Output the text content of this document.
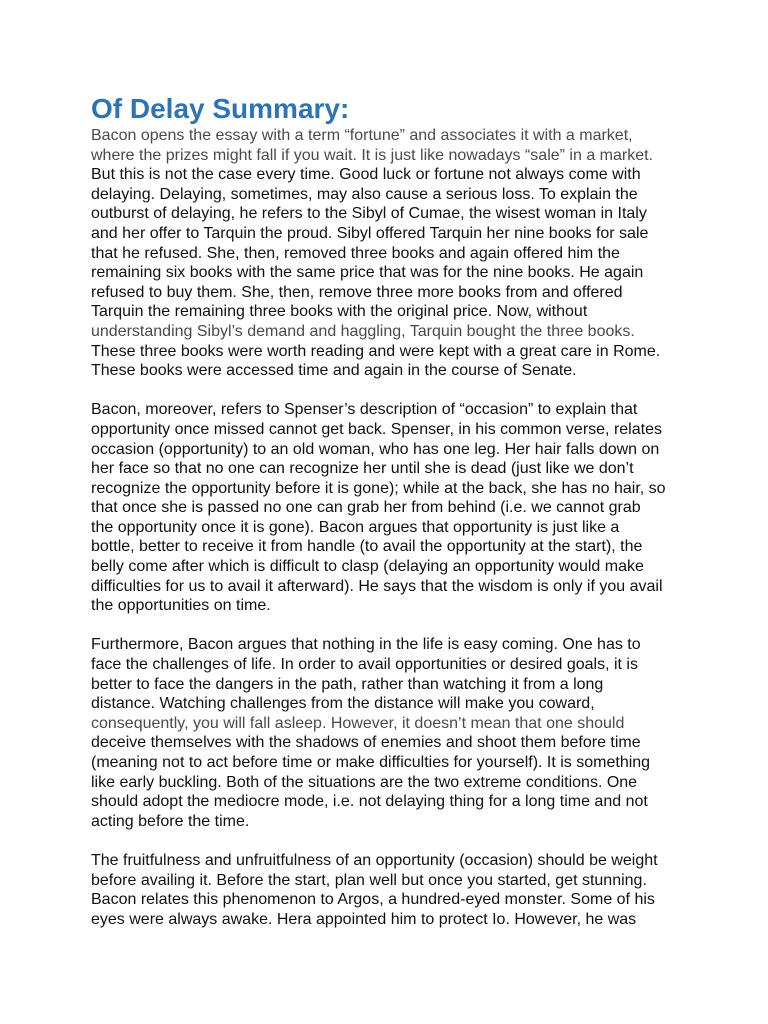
Of Delay Summary:

Bacon opens the essay with a term “fortune” and associates it with a market,
where the prizes might fall if you wait. It is just like nowadays “sale” in a market.
But this is not the case every time. Good luck or fortune not always come with
delaying. Delaying, sometimes, may also cause a serious loss. To explain the
outburst of delaying, he refers to the Sibyl of Cumae, the wisest woman in Italy
and her offer to Tarquin the proud. Sibyl offered Tarquin her nine books for sale
that he refused. She, then, removed three books and again offered him the
remaining six books with the same price that was for the nine books. He again
refused to buy them. She, then, remove three more books from and offered
Tarquin the remaining three books with the original price. Now, without
understanding Sibyl’s demand and haggling, Tarquin bought the three books.
These three books were worth reading and were kept with a great care in Rome.
These books were accessed time and again in the course of Senate.

Bacon, moreover, refers to Spenser’s description of “occasion” to explain that
opportunity once missed cannot get back. Spenser, in his common verse, relates
occasion (opportunity) to an old woman, who has one leg. Her hair falls down on
her face so that no one can recognize her until she is dead (just like we don’t
recognize the opportunity before it is gone); while at the back, she has no hair, so
that once she is passed no one can grab her from behind (i.e. we cannot grab
the opportunity once it is gone). Bacon argues that opportunity is just like a
bottle, better to receive it from handle (to avail the opportunity at the start), the
belly come after which is difficult to clasp (delaying an opportunity would make
difficulties for us to avail it afterward). He says that the wisdom is only if you avail
the opportunities on time.

Furthermore, Bacon argues that nothing in the life is easy coming. One has to
face the challenges of life. In order to avail opportunities or desired goals, it is
better to face the dangers in the path, rather than watching it from a long
distance. Watching challenges from the distance will make you coward,
consequently, you will fall asleep. However, it doesn’t mean that one should
deceive themselves with the shadows of enemies and shoot them before time
(meaning not to act before time or make difficulties for yourself). It is something
like early buckling. Both of the situations are the two extreme conditions. One
should adopt the mediocre mode, i.e. not delaying thing for a long time and not
acting before the time.

The fruitfulness and unfruitfulness of an opportunity (occasion) should be weight
before availing it. Before the start, plan well but once you started, get stunning.
Bacon relates this phenomenon to Argos, a hundred-eyed monster. Some of his
eyes were always awake. Hera appointed him to protect Io. However, he was
